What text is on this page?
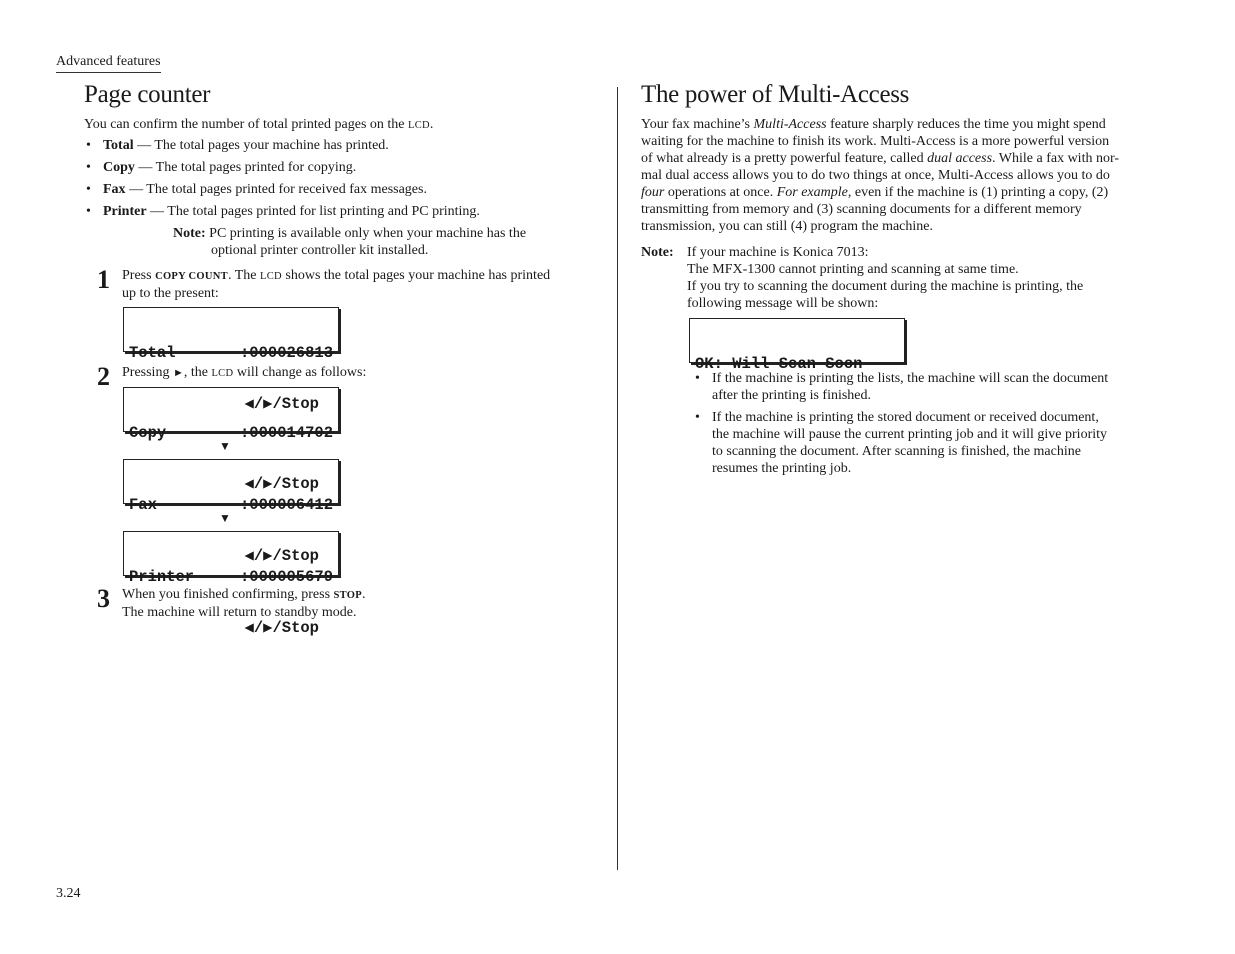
Advanced features
Page counter
You can confirm the number of total printed pages on the LCD.
• Total — The total pages your machine has printed.
• Copy — The total pages printed for copying.
• Fax — The total pages printed for received fax messages.
• Printer — The total pages printed for list printing and PC printing.
Note: PC printing is available only when your machine has the
optional printer controller kit installed.
1 Press COPY COUNT. The LCD shows the total pages your machine has printed
up to the present:

Total	:000026813

◀/▶/Stop

2 Pressing ►, the LCD will change as follows:

Copy	:000014702

◀/▶/Stop

▼

Fax	:000006412

◀/▶/Stop

▼

Printer	:000005679

◀/▶/Stop

3 When you finished confirming, press STOP.
The machine will return to standby mode.
The power of Multi-Access
Your fax machine’s Multi-Access feature sharply reduces the time you might spend
waiting for the machine to finish its work. Multi-Access is a more powerful version
of what already is a pretty powerful feature, called dual access. While a fax with nor-
mal dual access allows you to do two things at once, Multi-Access allows you to do
four operations at once. For example, even if the machine is (1) printing a copy, (2)
transmitting from memory and (3) scanning documents for a different memory
transmission, you can still (4) program the machine.
Note: If your machine is Konica 7013:
The MFX-1300 cannot printing and scanning at same time.
If you try to scanning the document during the machine is printing, the
following message will be shown:

OK: Will Scan Soon

• If the machine is printing the lists, the machine will scan the document
after the printing is finished.
• If the machine is printing the stored document or received document,
the machine will pause the current printing job and it will give priority
to scanning the document. After scanning is finished, the machine
resumes the printing job.
3.24
